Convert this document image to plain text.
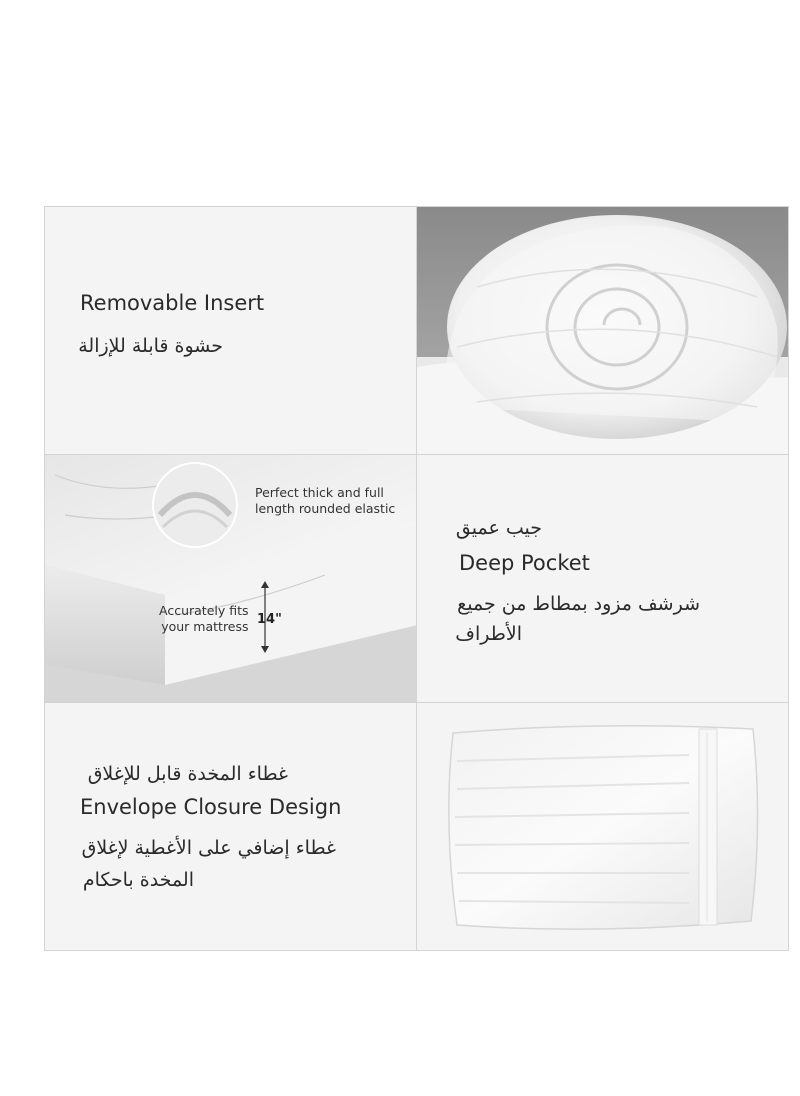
Removable Insert
حشوة قابلة للإزالة
Perfect thick and full
length rounded elastic
Accurately fits
your mattress 14"
جيب عميق
Deep Pocket
شرشف مزود بمطاط من جميع
الأطراف
غطاء المخدة قابل للإغلاق
Envelope Closure Design
غطاء إضافي على الأغطية لإغلاق
المخدة باحكام
